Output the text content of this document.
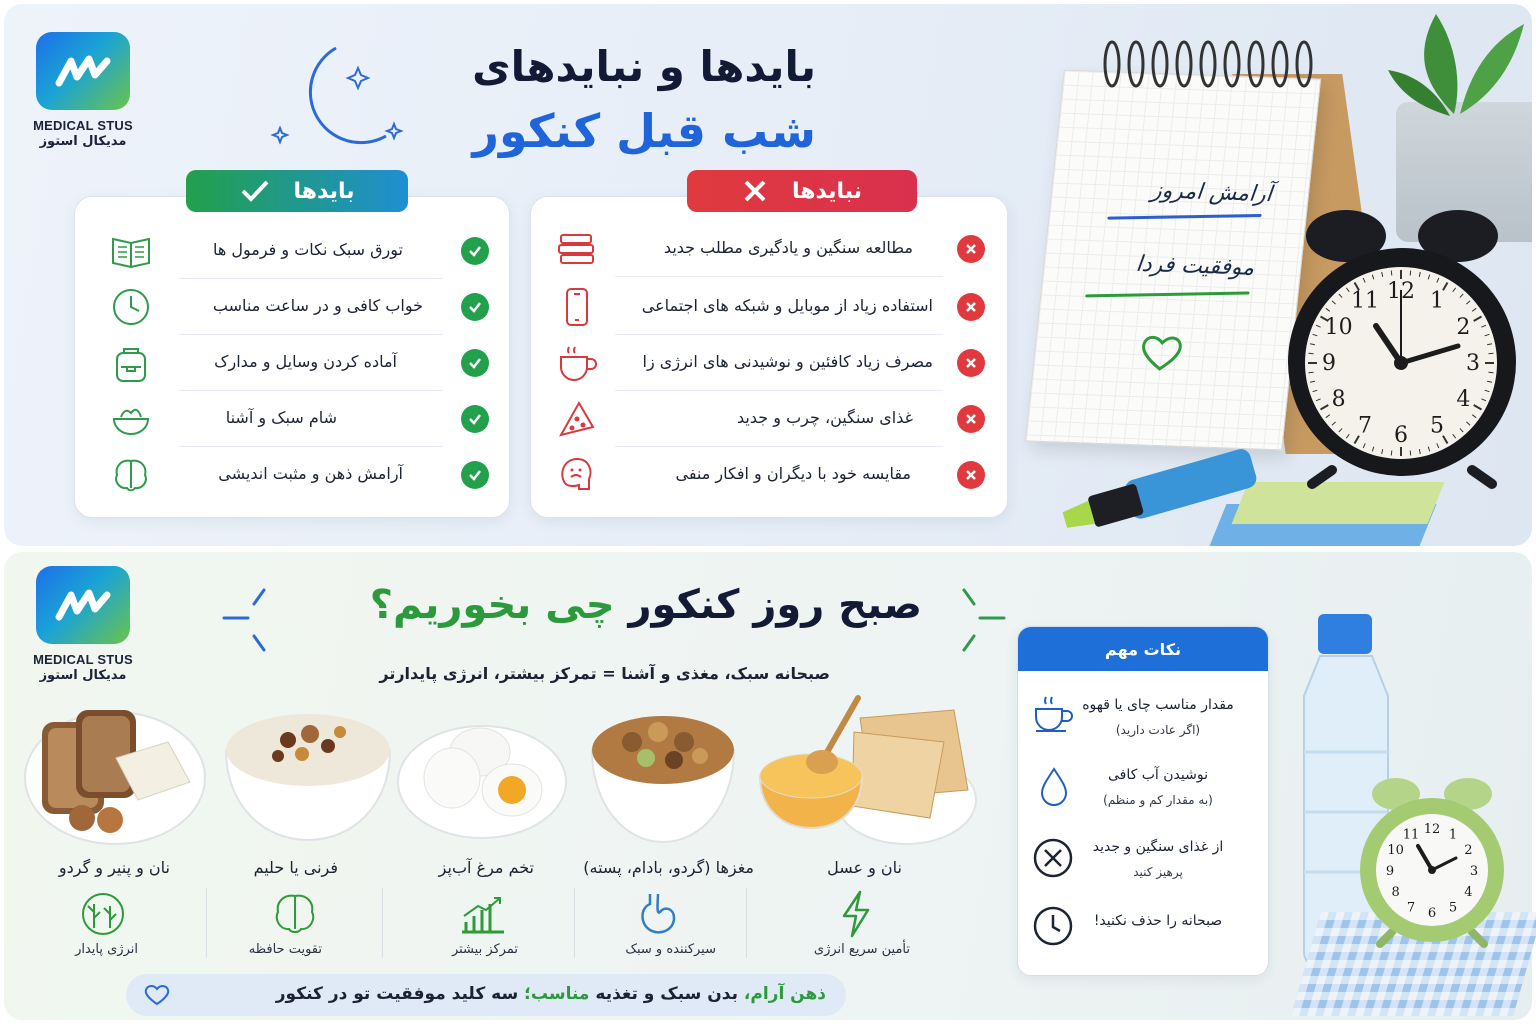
MEDICAL STUS
مدیکال استوز
بایدها و نبایدهای
شب قبل کنکور
تورق سبک نکات و فرمول ها
خواب کافی و در ساعت مناسب
آماده کردن وسایل و مدارک
شام سبک و آشنا
آرامش ذهن و مثبت اندیشی
بایدها
مطالعه سنگین و یادگیری مطلب جدید
استفاده زیاد از موبایل و شبکه های اجتماعی
مصرف زیاد کافئین و نوشیدنی های انرژی زا
غذای سنگین، چرب و جدید
مقایسه خود با دیگران و افکار منفی
نبایدها	آرامش امروز
موفقیت فردا
12 1
2
3
4
5
6
7
8
9
10
11
MEDICAL STUS
مدیکال استوز
صبح روز کنکور چی بخوریم؟
صبحانه سبک، مغذی و آشنا = تمرکز بیشتر، انرژی پایدارتر
نان و پنیر و گردو	فرنی یا حلیم	تخم مرغ آب‌پز	مغزها (گردو، بادام، پسته)	نان و عسل
انرژی پایدار	تقویت حافظه	تمرکز بیشتر	سیرکننده و سبک	تأمین سریع انرژی
نکات مهم
مقدار مناسب چای یا قهوه
(اگر عادت دارید)
نوشیدن آب کافی
(به مقدار کم و منظم)
از غذای سنگین و جدید
پرهیز کنید
صبحانه را حذف نکنید!
12 1
2
3
4
5
6
7
8
9
10
11
ذهن آرام، بدن سبک و تغذیه مناسب؛ سه کلید موفقیت تو در کنکور
